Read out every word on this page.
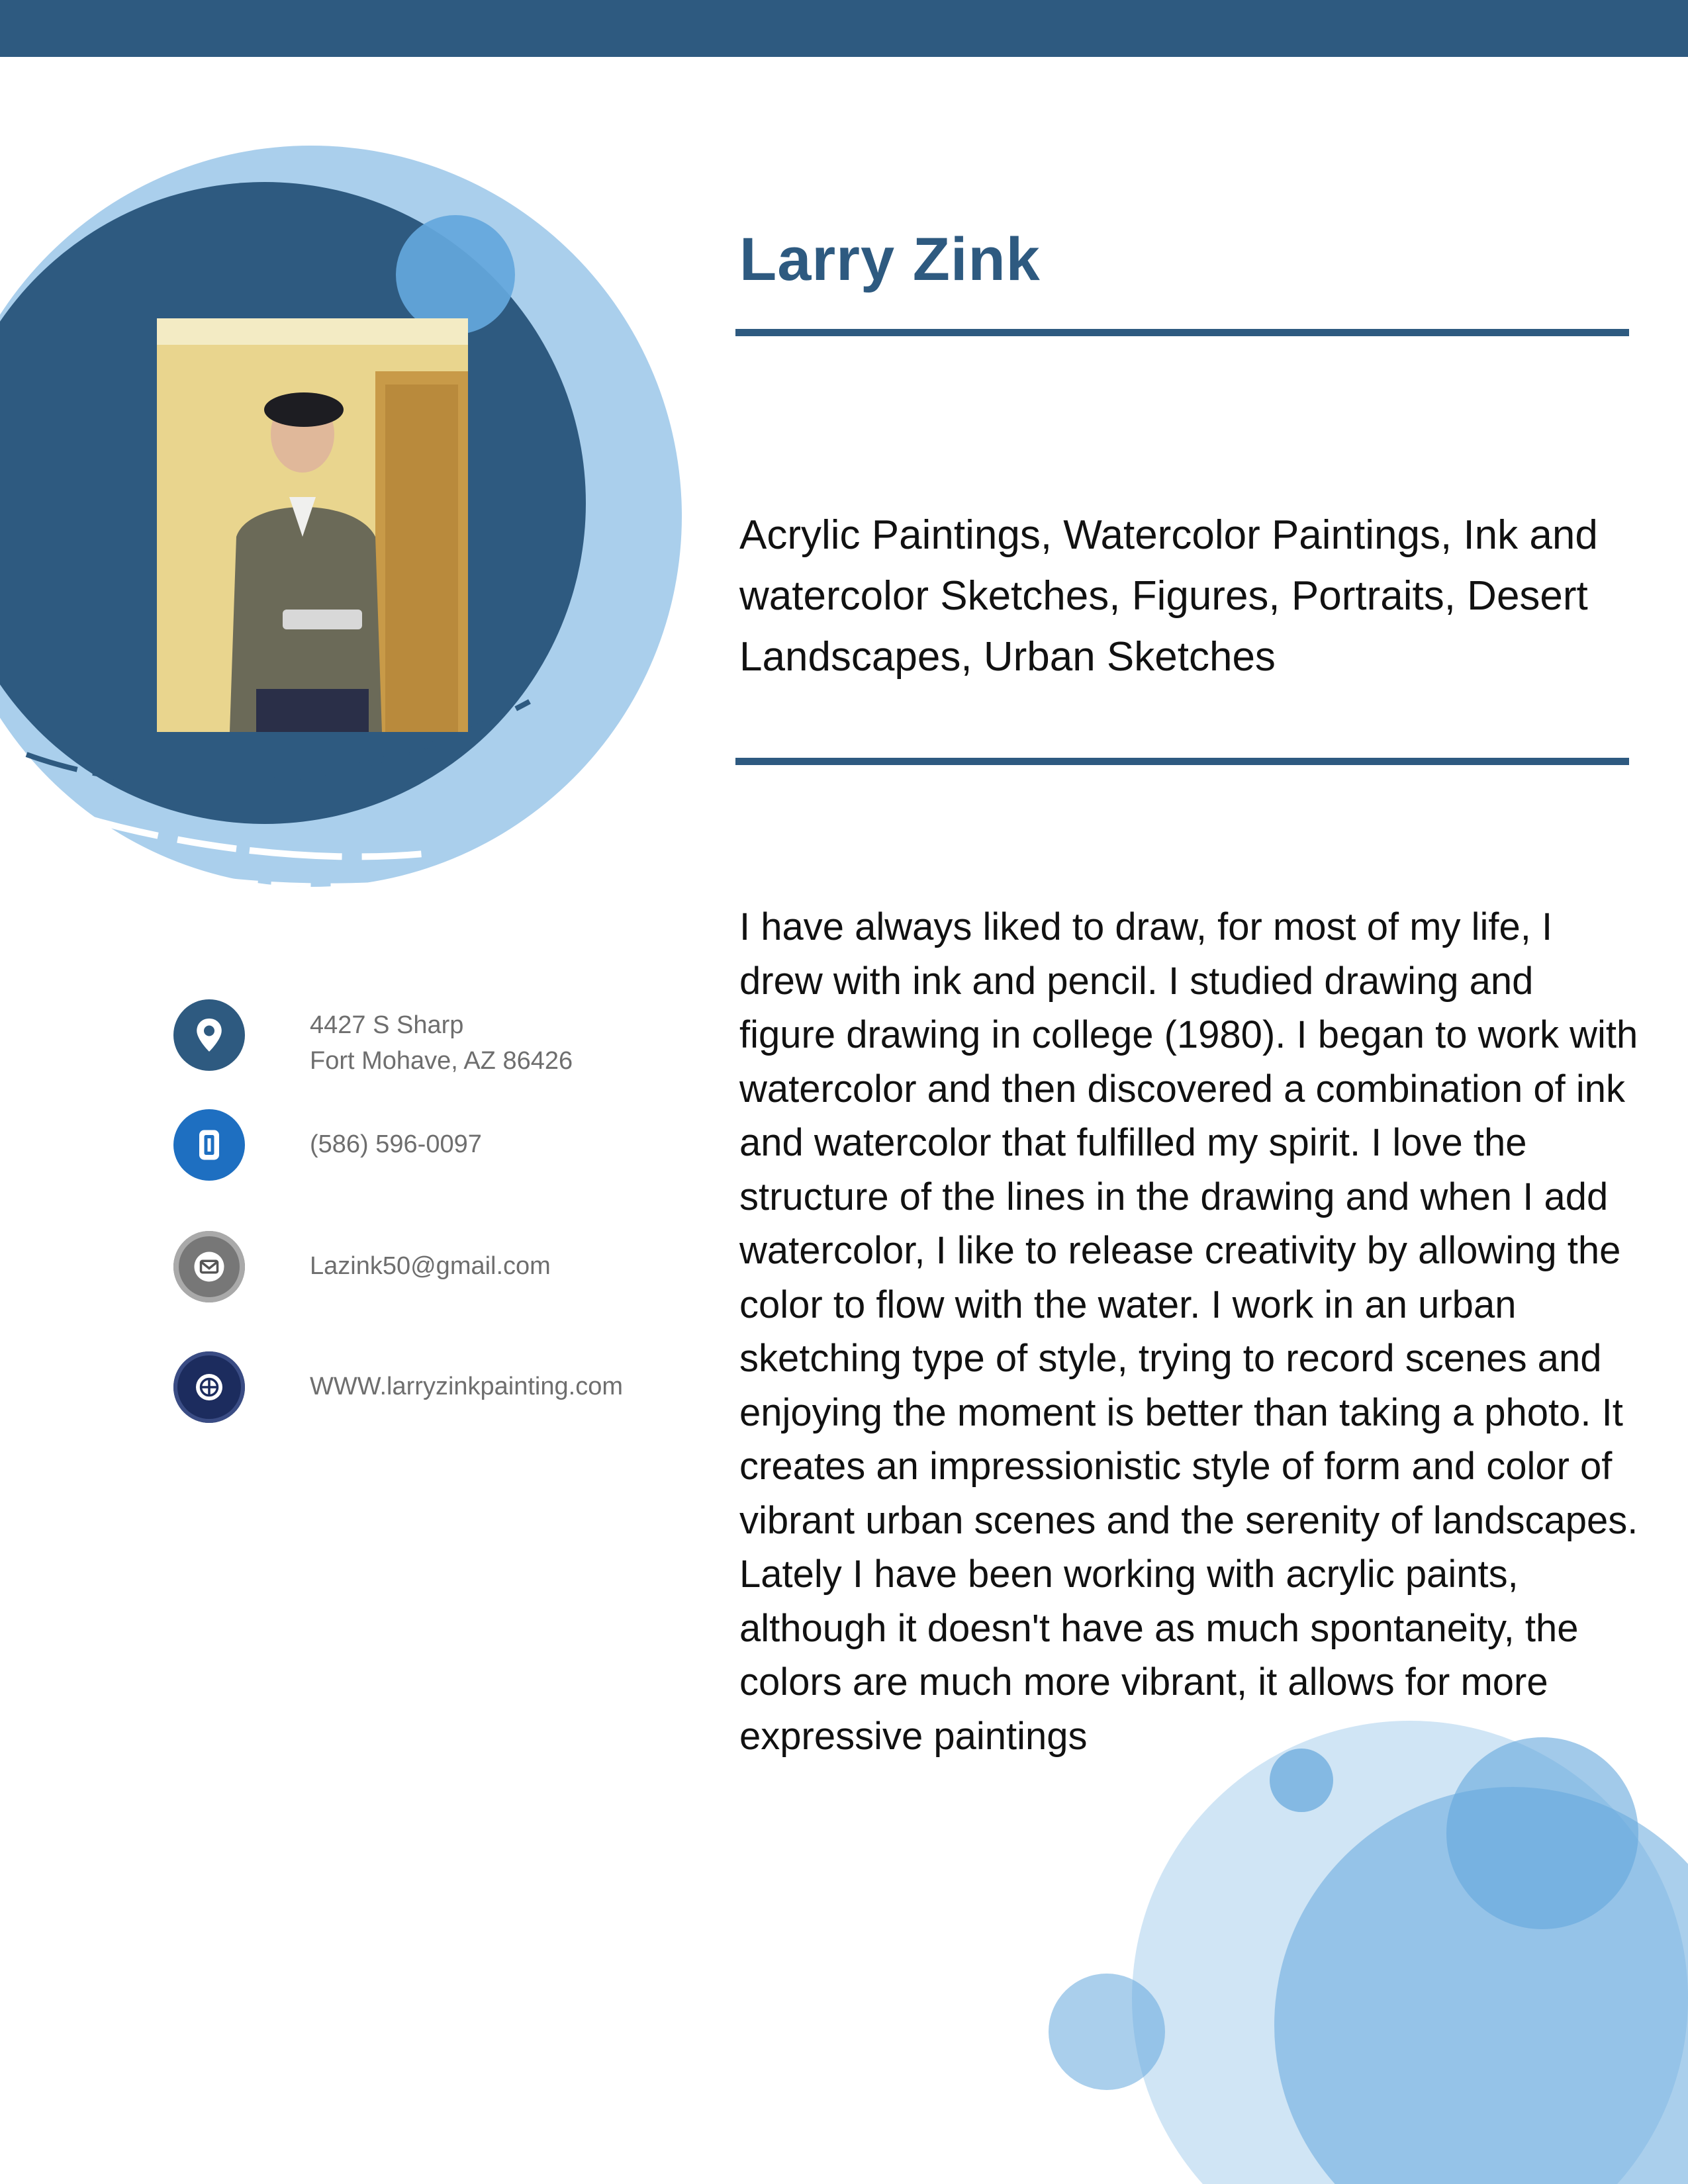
Larry Zink

Acrylic Paintings, Watercolor Paintings, Ink and watercolor Sketches, Figures, Portraits, Desert Landscapes, Urban Sketches

I have always liked to draw, for most of my life, I drew with ink and pencil. I studied drawing and figure drawing in college (1980). I began to work with watercolor and then discovered a combination of ink and watercolor that fulfilled my spirit. I love the structure of the lines in the drawing and when I add watercolor, I like to release creativity by allowing the color to flow with the water. I work in an urban sketching type of style, trying to record scenes and enjoying the moment is better than taking a photo. It creates an impressionistic style of form and color of vibrant urban scenes and the serenity of landscapes. Lately I have been working with acrylic paints, although it doesn't have as much spontaneity, the colors are much more vibrant, it allows for more expressive paintings

4427 S Sharp
Fort Mohave, AZ 86426
(586) 596-0097
Lazink50@gmail.com
WWW.larryzinkpainting.com
